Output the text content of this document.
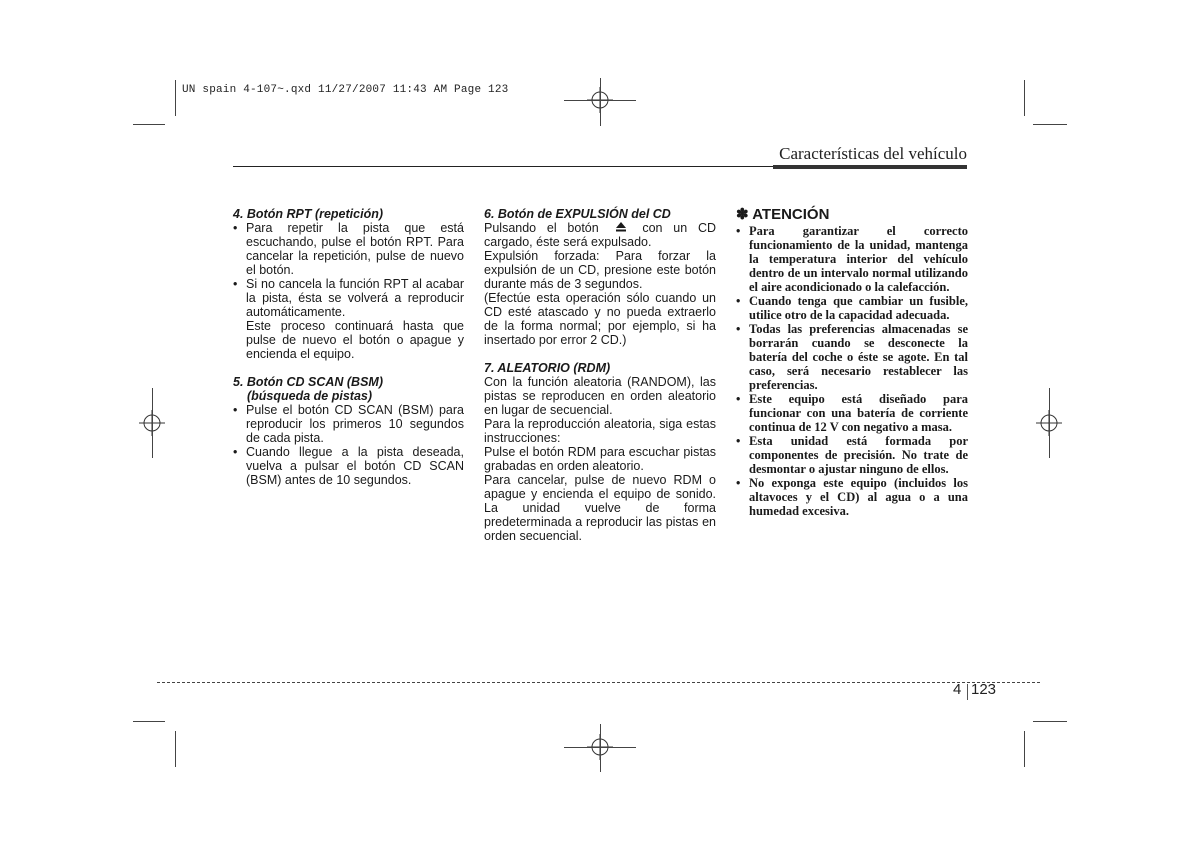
UN spain 4-107~.qxd 11/27/2007 11:43 AM Page 123
Características del vehículo

4. Botón RPT (repetición)

• Para repetir la pista que está escuchando, pulse el botón RPT. Para cancelar la repetición, pulse de nuevo el botón.

• Si no cancela la función RPT al acabar la pista, ésta se volverá a reproducir automáticamente.

Este proceso continuará hasta que pulse de nuevo el botón o apague y encienda el equipo.

5. Botón CD SCAN (BSM)

(búsqueda de pistas)

• Pulse el botón CD SCAN (BSM) para reproducir los primeros 10 segundos de cada pista.

• Cuando llegue a la pista deseada, vuelva a pulsar el botón CD SCAN (BSM) antes de 10 segundos.

6. Botón de EXPULSIÓN del CD

Pulsando el botón	con un CD cargado, éste será expulsado.

Expulsión forzada: Para forzar la expulsión de un CD, presione este botón durante más de 3 segundos.

(Efectúe esta operación sólo cuando un CD esté atascado y no pueda extraerlo de la forma normal; por ejemplo, si ha insertado por error 2 CD.)

7. ALEATORIO (RDM)

Con la función aleatoria (RANDOM), las pistas se reproducen en orden aleatorio en lugar de secuencial.

Para la reproducción aleatoria, siga estas instrucciones:

Pulse el botón RDM para escuchar pistas grabadas en orden aleatorio.

Para cancelar, pulse de nuevo RDM o apague y encienda el equipo de sonido. La unidad vuelve de forma predeterminada a reproducir las pistas en orden secuencial.

✽ ATENCIÓN

• Para garantizar el correcto funcionamiento de la unidad, mantenga la temperatura interior del vehículo dentro de un intervalo normal utilizando el aire acondicionado o la calefacción.

• Cuando tenga que cambiar un fusible, utilice otro de la capacidad adecuada.

• Todas las preferencias almacenadas se borrarán cuando se desconecte la batería del coche o éste se agote. En tal caso, será necesario restablecer las preferencias.

• Este equipo está diseñado para funcionar con una batería de corriente continua de 12 V con negativo a masa.

• Esta unidad está formada por componentes de precisión. No trate de desmontar o ajustar ninguno de ellos.

• No exponga este equipo (incluidos los altavoces y el CD) al agua o a una humedad excesiva.

4 123
